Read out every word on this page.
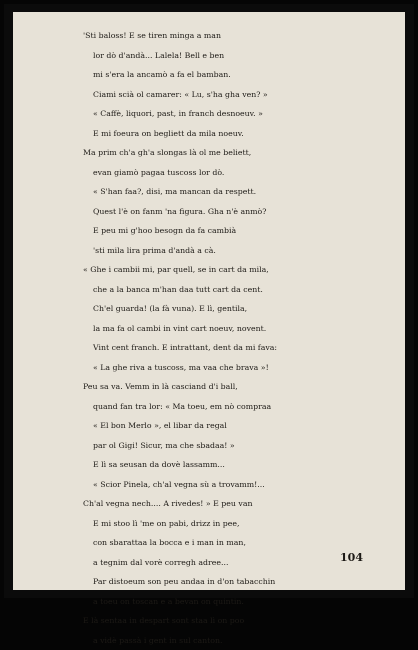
'Sti baloss! E se tiren minga a man
lor dò d'andà... Lalela! Bell e ben
mi s'era la ancamò a fa el bamban.
Ciami scià ol camarer: « Lu, s'ha gha ven? »
« Caffè, liquori, past, in franch desnoeuv. »
E mi foeura on begliett da mila noeuv.
Ma prim ch'a gh'a slongas là ol me beliett,
evan giamò pagaa tuscoss lor dò.
« S'han faa?, disi, ma mancan da respett.
Quest l'è on fanm 'na figura. Gha n'è anmò?
E peu mi g'hoo besogn da fa cambià
'sti mila lira prima d'andà a cà.
« Ghe i cambii mi, par quell, se in cart da mila,
che a la banca m'han daa tutt cart da cent.
Ch'el guarda! (la fà vuna). E lì, gentila,
la ma fa ol cambi in vint cart noeuv, novent.
Vint cent franch. E intrattant, dent da mi fava:
« La ghe riva a tuscoss, ma vaa che brava »!
Peu sa va. Vemm in là casciand d'i ball,
quand fan tra lor: « Ma toeu, em nò compraa
« El bon Merlo », el libar da regal
par ol Gigi! Sicur, ma che sbadaa! »
E lì sa seusan da dovè lassamm...
« Scior Pinela, ch'al vegna sù a trovamm!...
Ch'al vegna nech.... A rivedes! » E peu van
E mi stoo lì 'me on pabi, drizz in pee,
con sbarattaa la bocca e i man in man,
a tegnim dal vorè corregh adree...
Par distoeum son peu andaa in d'on tabacchin
a toeu on toscan e a bevan on quintin.
E là sentaa in despart sont staa lì on poo
a vidè passà i gent in sul canton.
104
